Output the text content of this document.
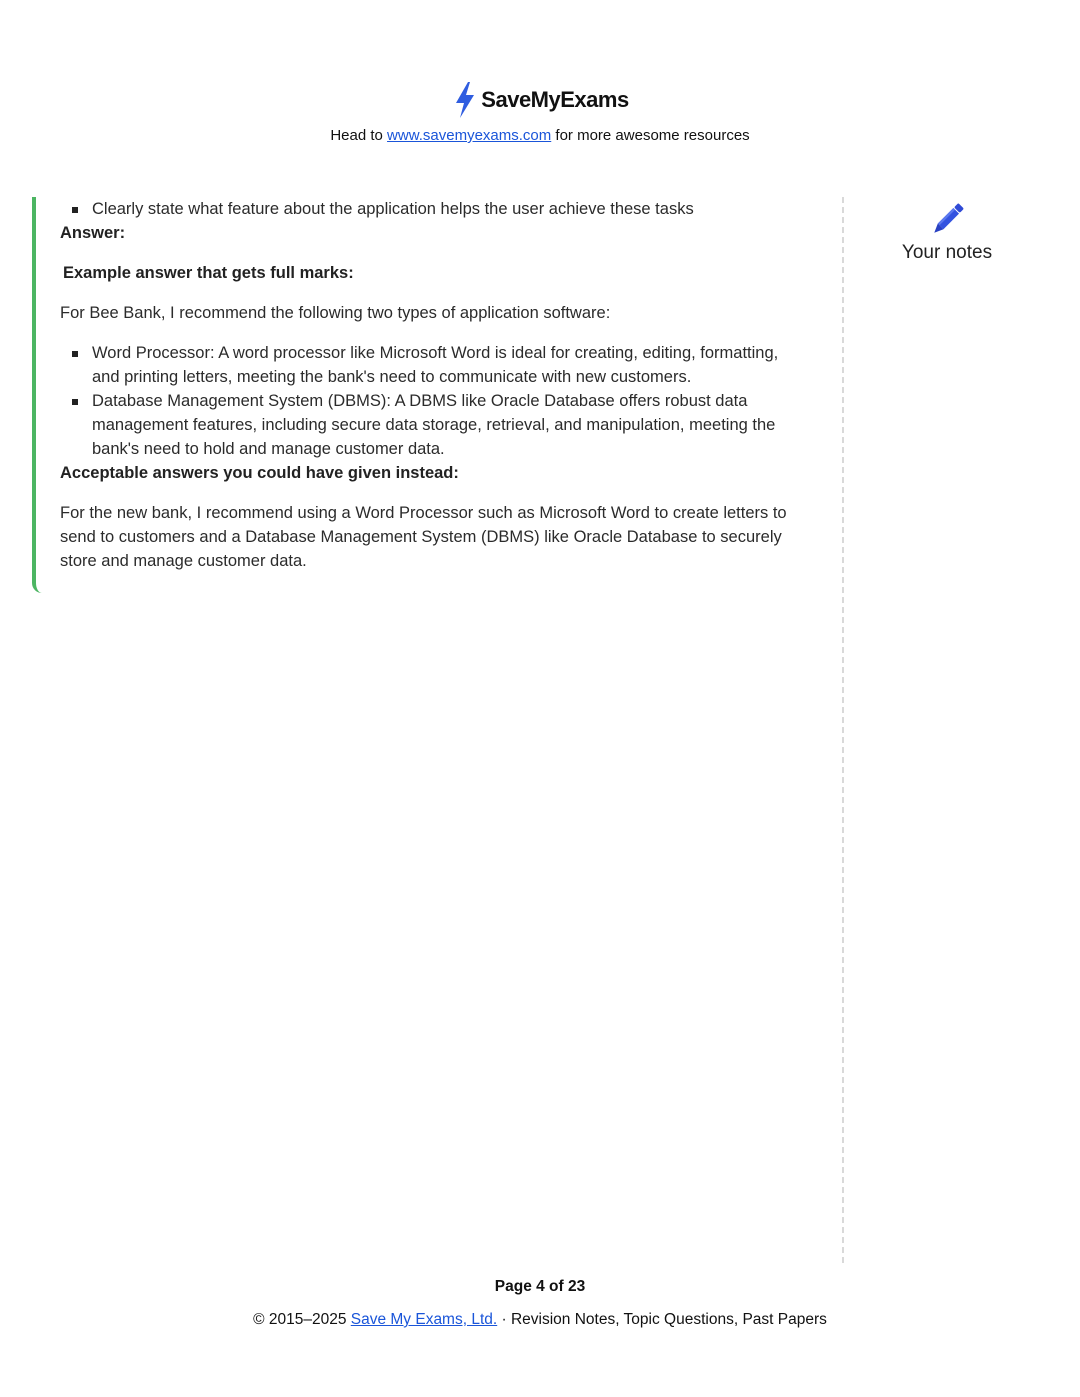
SaveMyExams
Head to www.savemyexams.com for more awesome resources
Clearly state what feature about the application helps the user achieve these tasks

Answer:

Example answer that gets full marks:

For Bee Bank, I recommend the following two types of application software:

Word Processor: A word processor like Microsoft Word is ideal for creating, editing, formatting, and printing letters, meeting the bank's need to communicate with new customers.
Database Management System (DBMS): A DBMS like Oracle Database offers robust data management features, including secure data storage, retrieval, and manipulation, meeting the bank's need to hold and manage customer data.

Acceptable answers you could have given instead:

For the new bank, I recommend using a Word Processor such as Microsoft Word to create letters to send to customers and a Database Management System (DBMS) like Oracle Database to securely store and manage customer data.

Your notes
Page 4 of 23
© 2015–2025 Save My Exams, Ltd. · Revision Notes, Topic Questions, Past Papers
